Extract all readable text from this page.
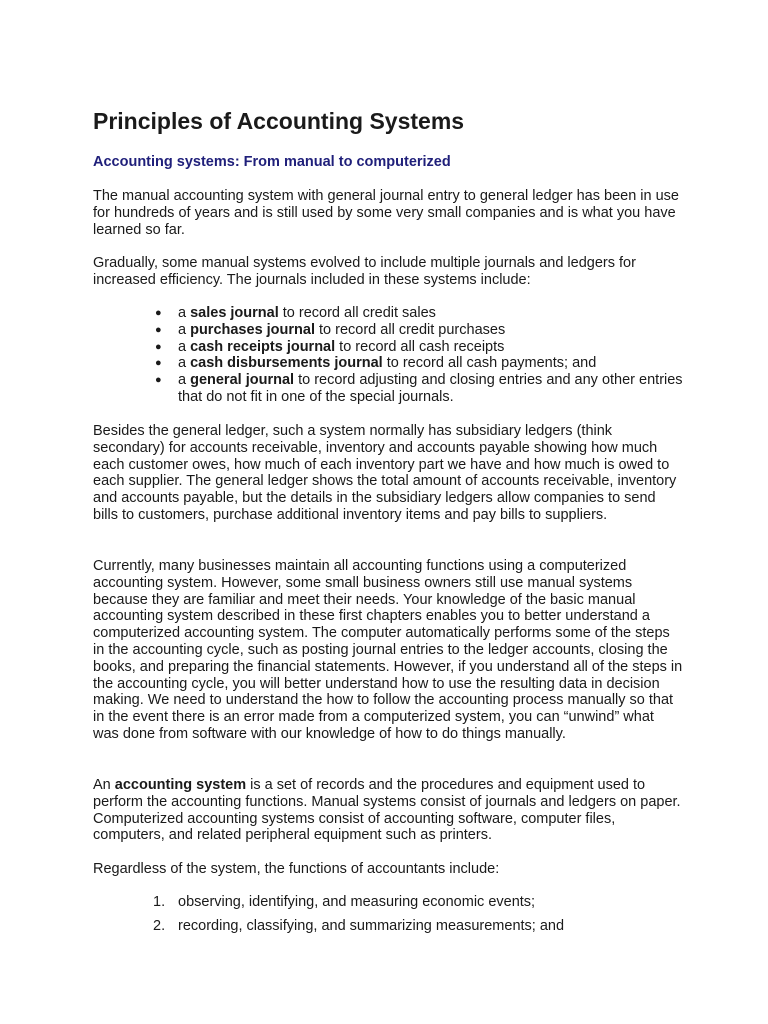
Principles of Accounting Systems
Accounting systems: From manual to computerized

The manual accounting system with general journal entry to general ledger has been in use for hundreds of years and is still used by some very small companies and is what you have learned so far.

Gradually, some manual systems evolved to include multiple journals and ledgers for increased efficiency. The journals included in these systems include:

● a sales journal to record all credit sales
● a purchases journal to record all credit purchases
● a cash receipts journal to record all cash receipts
● a cash disbursements journal to record all cash payments; and
● a general journal to record adjusting and closing entries and any other entries that do not fit in one of the special journals.

Besides the general ledger, such a system normally has subsidiary ledgers (think secondary) for accounts receivable, inventory and accounts payable showing how much each customer owes, how much of each inventory part we have and how much is owed to each supplier. The general ledger shows the total amount of accounts receivable, inventory and accounts payable, but the details in the subsidiary ledgers allow companies to send bills to customers, purchase additional inventory items and pay bills to suppliers.

Currently, many businesses maintain all accounting functions using a computerized accounting system. However, some small business owners still use manual systems because they are familiar and meet their needs. Your knowledge of the basic manual accounting system described in these first chapters enables you to better understand a computerized accounting system. The computer automatically performs some of the steps in the accounting cycle, such as posting journal entries to the ledger accounts, closing the books, and preparing the financial statements. However, if you understand all of the steps in the accounting cycle, you will better understand how to use the resulting data in decision making. We need to understand the how to follow the accounting process manually so that in the event there is an error made from a computerized system, you can “unwind” what was done from software with our knowledge of how to do things manually.

An accounting system is a set of records and the procedures and equipment used to perform the accounting functions. Manual systems consist of journals and ledgers on paper. Computerized accounting systems consist of accounting software, computer files, computers, and related peripheral equipment such as printers.

Regardless of the system, the functions of accountants include:

1. observing, identifying, and measuring economic events;
2. recording, classifying, and summarizing measurements; and
